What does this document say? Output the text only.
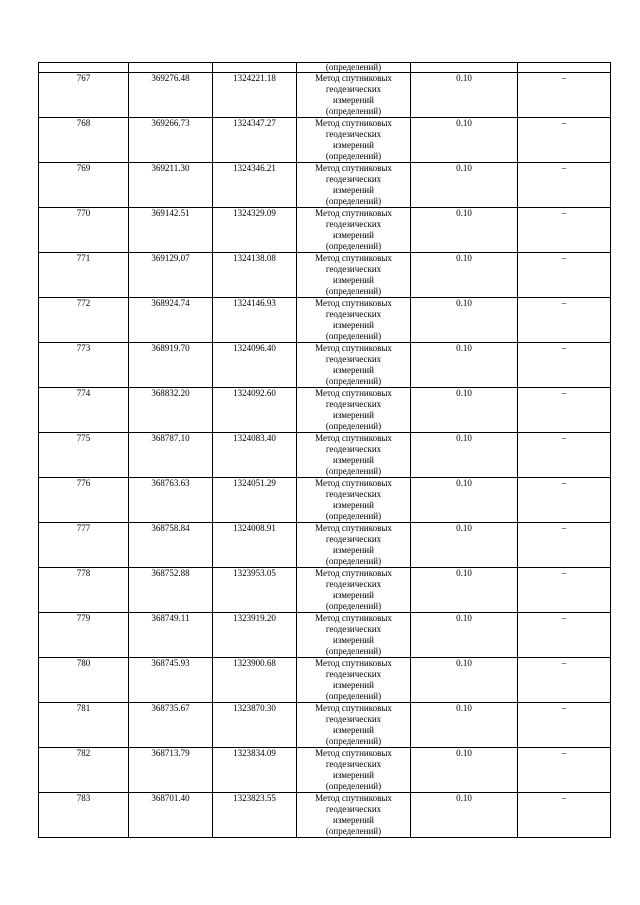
			(определений)		
767	369276.48	1324221.18	Метод спутниковых
геодезических
измерений
(определений)	0.10	–
768	369266.73	1324347.27	Метод спутниковых
геодезических
измерений
(определений)	0.10	–
769	369211.30	1324346.21	Метод спутниковых
геодезических
измерений
(определений)	0.10	–
770	369142.51	1324329.09	Метод спутниковых
геодезических
измерений
(определений)	0.10	–
771	369129.07	1324138.08	Метод спутниковых
геодезических
измерений
(определений)	0.10	–
772	368924.74	1324146.93	Метод спутниковых
геодезических
измерений
(определений)	0.10	–
773	368919.70	1324096.40	Метод спутниковых
геодезических
измерений
(определений)	0.10	–
774	368832.20	1324092.60	Метод спутниковых
геодезических
измерений
(определений)	0.10	–
775	368787.10	1324083.40	Метод спутниковых
геодезических
измерений
(определений)	0.10	–
776	368763.63	1324051.29	Метод спутниковых
геодезических
измерений
(определений)	0.10	–
777	368758.84	1324008.91	Метод спутниковых
геодезических
измерений
(определений)	0.10	–
778	368752.88	1323953.05	Метод спутниковых
геодезических
измерений
(определений)	0.10	–
779	368749.11	1323919.20	Метод спутниковых
геодезических
измерений
(определений)	0.10	–
780	368745.93	1323900.68	Метод спутниковых
геодезических
измерений
(определений)	0.10	–
781	368735.67	1323870.30	Метод спутниковых
геодезических
измерений
(определений)	0.10	–
782	368713.79	1323834.09	Метод спутниковых
геодезических
измерений
(определений)	0.10	–
783	368701.40	1323823.55	Метод спутниковых
геодезических
измерений
(определений)	0.10	–
